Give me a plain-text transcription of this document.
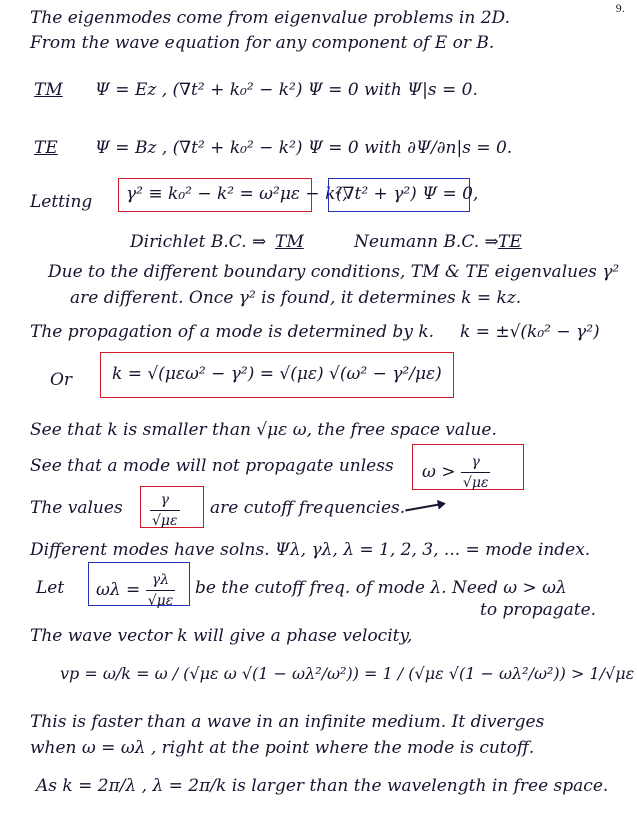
9.
The eigenmodes come from eigenvalue problems in 2D.
From the wave equation for any component of E or B.
TM Ψ = Ez , (∇t² + k₀² − k²) Ψ = 0 with Ψ|s = 0.
TE Ψ = Bz , (∇t² + k₀² − k²) Ψ = 0 with ∂Ψ/∂n|s = 0.
Letting γ² ≡ k₀² − k² = ω²με − k²,
(∇t² + γ²) Ψ = 0,
Dirichlet B.C. ⇒ TM	Neumann B.C. ⇒ TE
Due to the different boundary conditions, TM & TE eigenvalues γ²
are different. Once γ² is found, it determines k = kz.
The propagation of a mode is determined by k. k = ±√(k₀² − γ²)
Or k = √(μεω² − γ²) = √(με) √(ω² − γ²/με)
See that k is smaller than √με ω, the free space value.
See that a mode will not propagate unless $\omega > \frac{\gamma}{√\mu\varepsilon}$
The values $\frac{\gamma}{√\mu\varepsilon}$ are cutoff frequencies.
Different modes have solns. Ψλ, γλ, λ = 1, 2, 3, ... = mode index.
Let $\omega\lambda = \frac{\gamma\lambda}{√\mu\varepsilon}$ be the cutoff freq. of mode λ. Need ω > ωλ
to propagate.
The wave vector k will give a phase velocity,
vp = ω/k = ω / (√με ω √(1 − ωλ²/ω²)) = 1 / (√με √(1 − ωλ²/ω²)) > 1/√με
This is faster than a wave in an infinite medium. It diverges
when ω = ωλ , right at the point where the mode is cutoff.
As k = 2π/λ , λ = 2π/k is larger than the wavelength in free space.
